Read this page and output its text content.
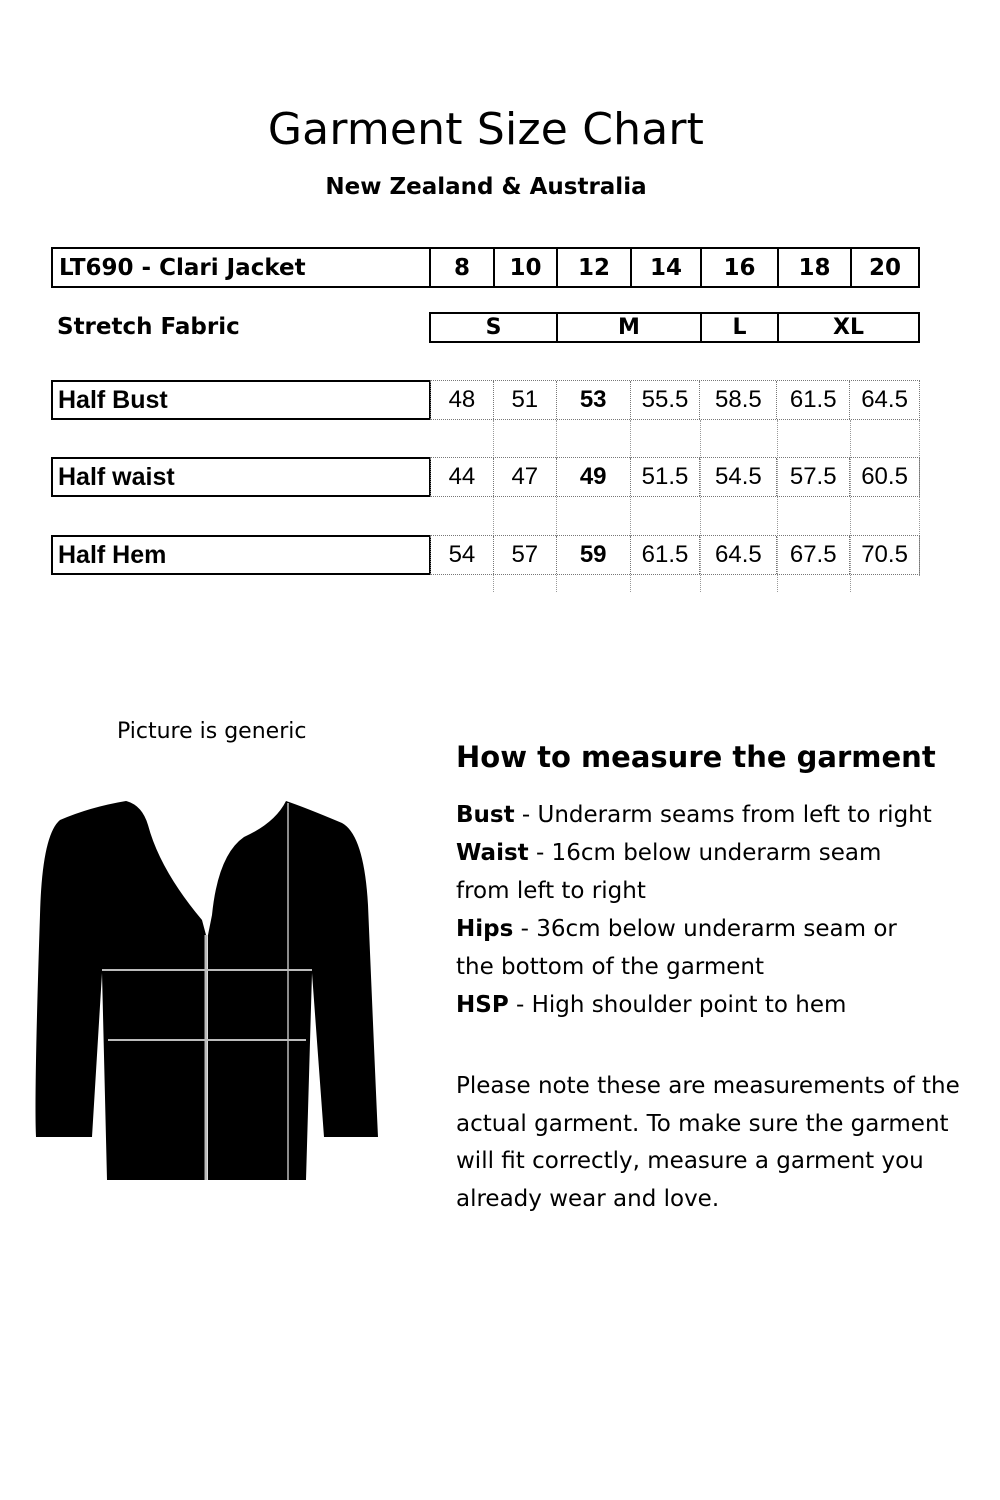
Garment Size Chart
New Zealand & Australia
LT690 - Clari Jacket	8	10	12	14	16	18	20
Stretch Fabric	S	M	L	XL
Half Bust	48	51	53	55.5	58.5	61.5	64.5
Half waist	44	47	49	51.5	54.5	57.5	60.5
Half Hem	54	57	59	61.5	64.5	67.5	70.5
Picture is generic
How to measure the garment
Bust - Underarm seams from left to right
Waist - 16cm below underarm seam from left to right
Hips - 36cm below underarm seam or the bottom of the garment
HSP - High shoulder point to hem
Please note these are measurements of the actual garment. To make sure the garment will fit correctly, measure a garment you already wear and love.
